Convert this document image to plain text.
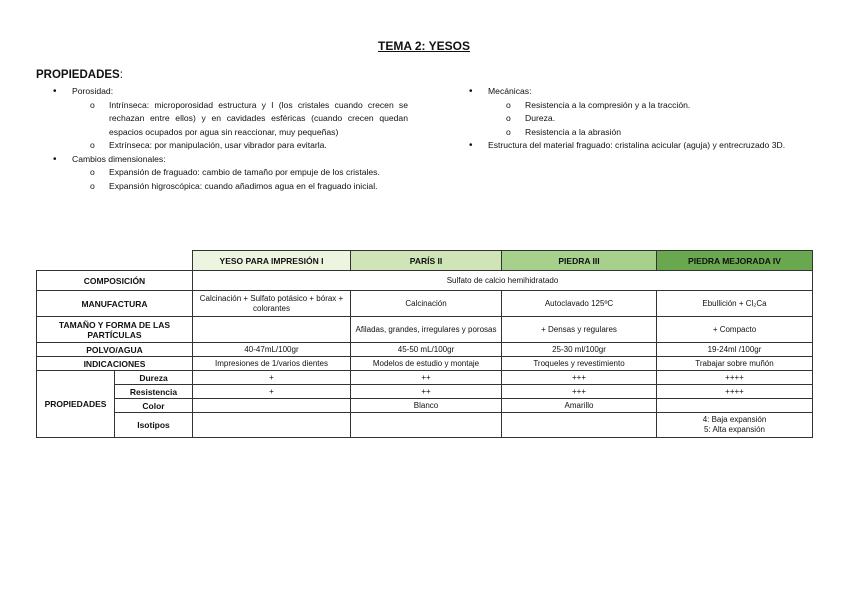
TEMA 2: YESOS
PROPIEDADES:
• Porosidad:
o Intrínseca: microporosidad estructura y I (los cristales cuando crecen se rechazan entre ellos) y en cavidades esféricas (cuando crecen quedan espacios ocupados por agua sin reaccionar, muy pequeñas)
o Extrínseca: por manipulación, usar vibrador para evitarla.
• Cambios dimensionales:
o Expansión de fraguado: cambio de tamaño por empuje de los cristales.
o Expansión higroscópica: cuando añadimos agua en el fraguado inicial.
• Mecánicas:
o Resistencia a la compresión y a la tracción.
o Dureza.
o Resistencia a la abrasión
• Estructura del material fraguado: cristalina acicular (aguja) y entrecruzado 3D.
		YESO PARA IMPRESIÓN I	PARÍS II	PIEDRA III	PIEDRA MEJORADA IV
COMPOSICIÓN		Sulfato de calcio hemihidratado			
MANUFACTURA		Calcinación + Sulfato potásico + bórax + colorantes	Calcinación	Autoclavado 125ºC	Ebullición + Cl₂Ca
TAMAÑO Y FORMA DE LAS PARTÍCULAS			Afiladas, grandes, irregulares y porosas	+ Densas y regulares	+ Compacto
POLVO/AGUA		40-47mL/100gr	45-50 mL/100gr	25-30 ml/100gr	19-24ml /100gr
INDICACIONES		Impresiones de 1/varios dientes	Modelos de estudio y montaje	Troqueles y revestimiento	Trabajar sobre muñón
PROPIEDADES	Dureza	+	++	+++	++++
	Resistencia	+	++	+++	++++
	Color		Blanco	Amarillo	
	Isotipos				4: Baja expansión
5: Alta expansión
